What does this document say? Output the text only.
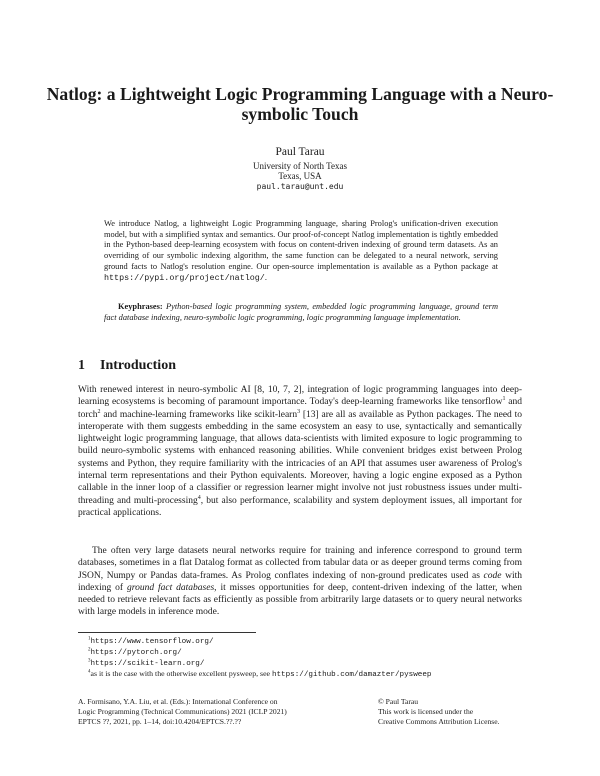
Natlog: a Lightweight Logic Programming Language with a Neuro-symbolic Touch
Paul Tarau
University of North Texas
Texas, USA
paul.tarau@unt.edu

We introduce Natlog, a lightweight Logic Programming language, sharing Prolog's unification-driven execution model, but with a simplified syntax and semantics. Our proof-of-concept Natlog implementation is tightly embedded in the Python-based deep-learning ecosystem with focus on content-driven indexing of ground term datasets. As an overriding of our symbolic indexing algorithm, the same function can be delegated to a neural network, serving ground facts to Natlog's resolution engine. Our open-source implementation is available as a Python package at https://pypi.org/project/natlog/.

Keyphrases: Python-based logic programming system, embedded logic programming language, ground term fact database indexing, neuro-symbolic logic programming, logic programming language implementation.

1 Introduction

With renewed interest in neuro-symbolic AI [8, 10, 7, 2], integration of logic programming languages into deep-learning ecosystems is becoming of paramount importance. Today's deep-learning frameworks like tensorflow$^1$ and torch$^2$ and machine-learning frameworks like scikit-learn$^3$ [13] are all as available as Python packages. The need to interoperate with them suggests embedding in the same ecosystem an easy to use, syntactically and semantically lightweight logic programming language, that allows data-scientists with limited exposure to logic programming to build neuro-symbolic systems with enhanced reasoning abilities. While convenient bridges exist between Prolog systems and Python, they require familiarity with the intricacies of an API that assumes user awareness of Prolog's internal term representations and their Python equivalents. Moreover, having a logic engine exposed as a Python callable in the inner loop of a classifier or regression learner might involve not just robustness issues under multi-threading and multi-processing$^4$, but also performance, scalability and system deployment issues, all important for practical applications.

The often very large datasets neural networks require for training and inference correspond to ground term databases, sometimes in a flat Datalog format as collected from tabular data or as deeper ground terms coming from JSON, Numpy or Pandas data-frames. As Prolog conflates indexing of non-ground predicates used as code with indexing of ground fact databases, it misses opportunities for deep, content-driven indexing of the latter, when needed to retrieve relevant facts as efficiently as possible from arbitrarily large datasets or to query neural networks with large models in inference mode.

$^1$https://www.tensorflow.org/

$^2$https://pytorch.org/

$^3$https://scikit-learn.org/

$^4$as it is the case with the otherwise excellent pysweep, see https://github.com/damazter/pysweep

A. Formisano, Y.A. Liu, et al. (Eds.): International Conference on
Logic Programming (Technical Communications) 2021 (ICLP 2021)
EPTCS ??, 2021, pp. 1–14, doi:10.4204/EPTCS.??.??
© Paul Tarau
This work is licensed under the
Creative Commons Attribution License.
